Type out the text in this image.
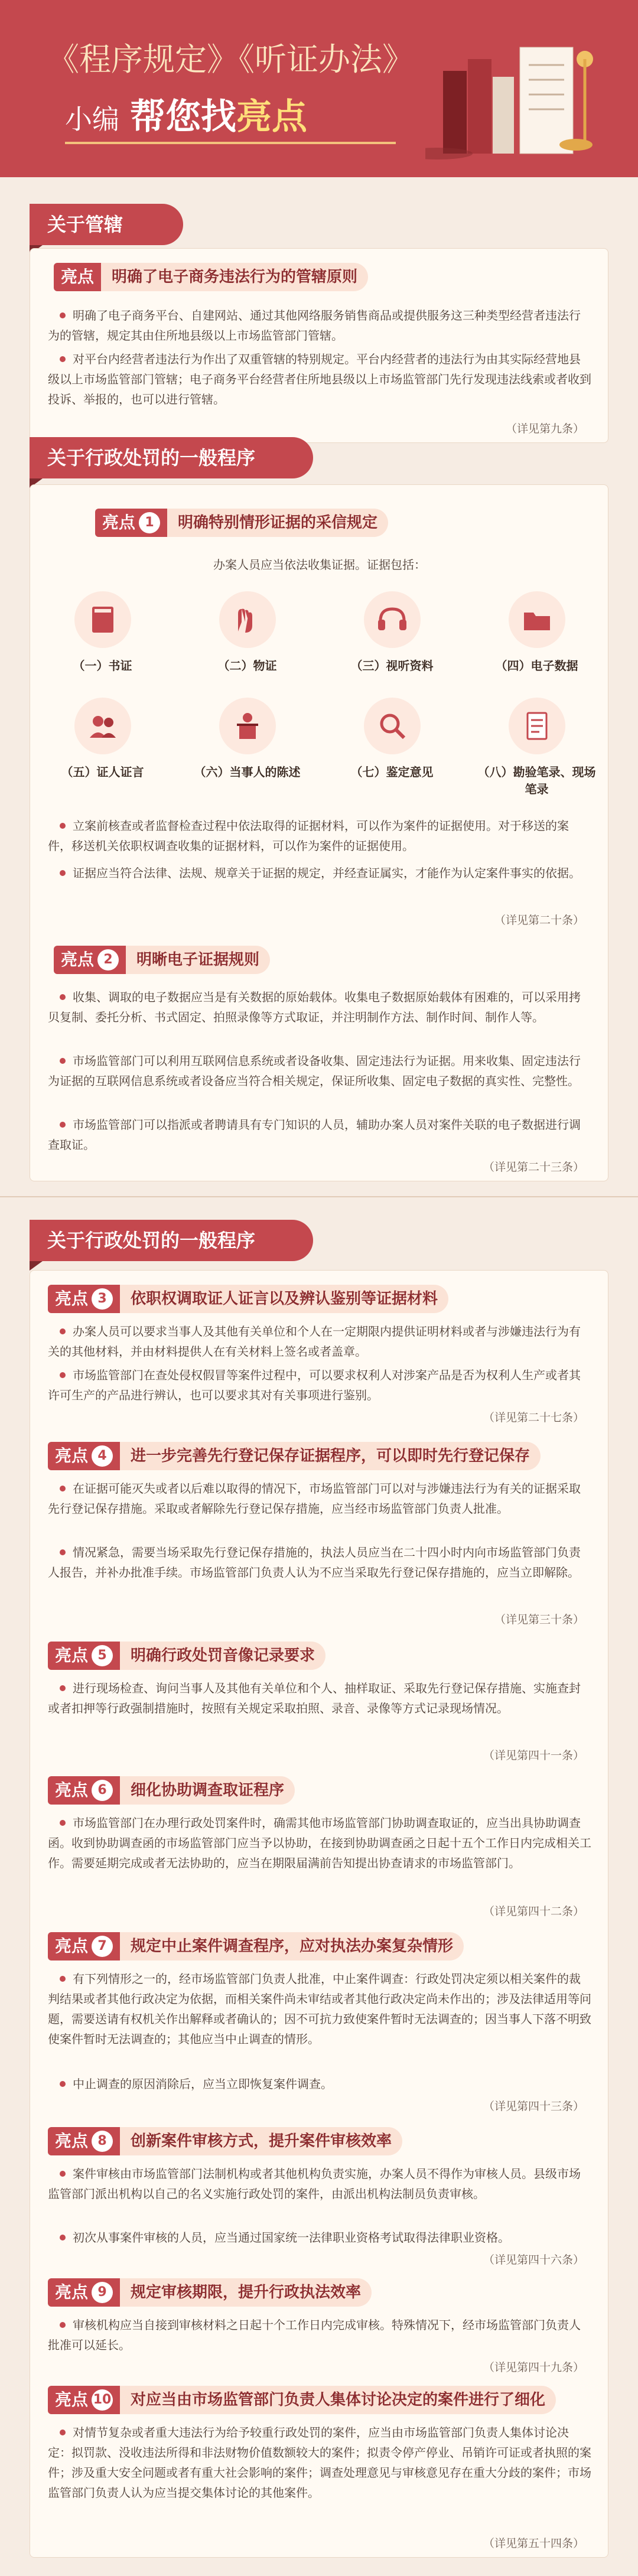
《程序规定》《听证办法》
小编 帮您找亮点
关于管辖
亮点	明确了电子商务违法行为的管辖原则
明确了电子商务平台、自建网站、通过其他网络服务销售商品或提供服务这三种类型经营者违法行为的管辖，规定其由住所地县级以上市场监管部门管辖。
对平台内经营者违法行为作出了双重管辖的特别规定。平台内经营者的违法行为由其实际经营地县级以上市场监管部门管辖；电子商务平台经营者住所地县级以上市场监管部门先行发现违法线索或者收到投诉、举报的，也可以进行管辖。
（详见第九条）
关于行政处罚的一般程序
亮点 1	明确特别情形证据的采信规定
办案人员应当依法收集证据。证据包括：
（一）书证	（二）物证	（三）视听资料	（四）电子数据
（五）证人证言	（六）当事人的陈述	（七）鉴定意见	（八）勘验笔录、现场笔录
立案前核查或者监督检查过程中依法取得的证据材料，可以作为案件的证据使用。对于移送的案件，移送机关依职权调查收集的证据材料，可以作为案件的证据使用。
证据应当符合法律、法规、规章关于证据的规定，并经查证属实，才能作为认定案件事实的依据。
（详见第二十条）
亮点 2	明晰电子证据规则
收集、调取的电子数据应当是有关数据的原始载体。收集电子数据原始载体有困难的，可以采用拷贝复制、委托分析、书式固定、拍照录像等方式取证，并注明制作方法、制作时间、制作人等。
市场监管部门可以利用互联网信息系统或者设备收集、固定违法行为证据。用来收集、固定违法行为证据的互联网信息系统或者设备应当符合相关规定，保证所收集、固定电子数据的真实性、完整性。
市场监管部门可以指派或者聘请具有专门知识的人员，辅助办案人员对案件关联的电子数据进行调查取证。
（详见第二十三条）
关于行政处罚的一般程序
亮点 3	依职权调取证人证言以及辨认鉴别等证据材料
办案人员可以要求当事人及其他有关单位和个人在一定期限内提供证明材料或者与涉嫌违法行为有关的其他材料，并由材料提供人在有关材料上签名或者盖章。
市场监管部门在查处侵权假冒等案件过程中，可以要求权利人对涉案产品是否为权利人生产或者其许可生产的产品进行辨认，也可以要求其对有关事项进行鉴别。
（详见第二十七条）
亮点 4	进一步完善先行登记保存证据程序，可以即时先行登记保存
在证据可能灭失或者以后难以取得的情况下，市场监管部门可以对与涉嫌违法行为有关的证据采取先行登记保存措施。采取或者解除先行登记保存措施，应当经市场监管部门负责人批准。
情况紧急，需要当场采取先行登记保存措施的，执法人员应当在二十四小时内向市场监管部门负责人报告，并补办批准手续。市场监管部门负责人认为不应当采取先行登记保存措施的，应当立即解除。
（详见第三十条）
亮点 5	明确行政处罚音像记录要求
进行现场检查、询问当事人及其他有关单位和个人、抽样取证、采取先行登记保存措施、实施查封或者扣押等行政强制措施时，按照有关规定采取拍照、录音、录像等方式记录现场情况。
（详见第四十一条）
亮点 6	细化协助调查取证程序
市场监管部门在办理行政处罚案件时，确需其他市场监管部门协助调查取证的，应当出具协助调查函。收到协助调查函的市场监管部门应当予以协助，在接到协助调查函之日起十五个工作日内完成相关工作。需要延期完成或者无法协助的，应当在期限届满前告知提出协查请求的市场监管部门。
（详见第四十二条）
亮点 7	规定中止案件调查程序，应对执法办案复杂情形
有下列情形之一的，经市场监管部门负责人批准，中止案件调查：行政处罚决定须以相关案件的裁判结果或者其他行政决定为依据，而相关案件尚未审结或者其他行政决定尚未作出的；涉及法律适用等问题，需要送请有权机关作出解释或者确认的；因不可抗力致使案件暂时无法调查的；因当事人下落不明致使案件暂时无法调查的；其他应当中止调查的情形。
中止调查的原因消除后，应当立即恢复案件调查。
（详见第四十三条）
亮点 8	创新案件审核方式，提升案件审核效率
案件审核由市场监管部门法制机构或者其他机构负责实施，办案人员不得作为审核人员。县级市场监管部门派出机构以自己的名义实施行政处罚的案件，由派出机构法制员负责审核。
初次从事案件审核的人员，应当通过国家统一法律职业资格考试取得法律职业资格。
（详见第四十六条）
亮点 9	规定审核期限，提升行政执法效率
审核机构应当自接到审核材料之日起十个工作日内完成审核。特殊情况下，经市场监管部门负责人批准可以延长。
（详见第四十九条）
亮点 10	对应当由市场监管部门负责人集体讨论决定的案件进行了细化
对情节复杂或者重大违法行为给予较重行政处罚的案件，应当由市场监管部门负责人集体讨论决定：拟罚款、没收违法所得和非法财物价值数额较大的案件；拟责令停产停业、吊销许可证或者执照的案件；涉及重大安全问题或者有重大社会影响的案件；调查处理意见与审核意见存在重大分歧的案件；市场监管部门负责人认为应当提交集体讨论的其他案件。
（详见第五十四条）
